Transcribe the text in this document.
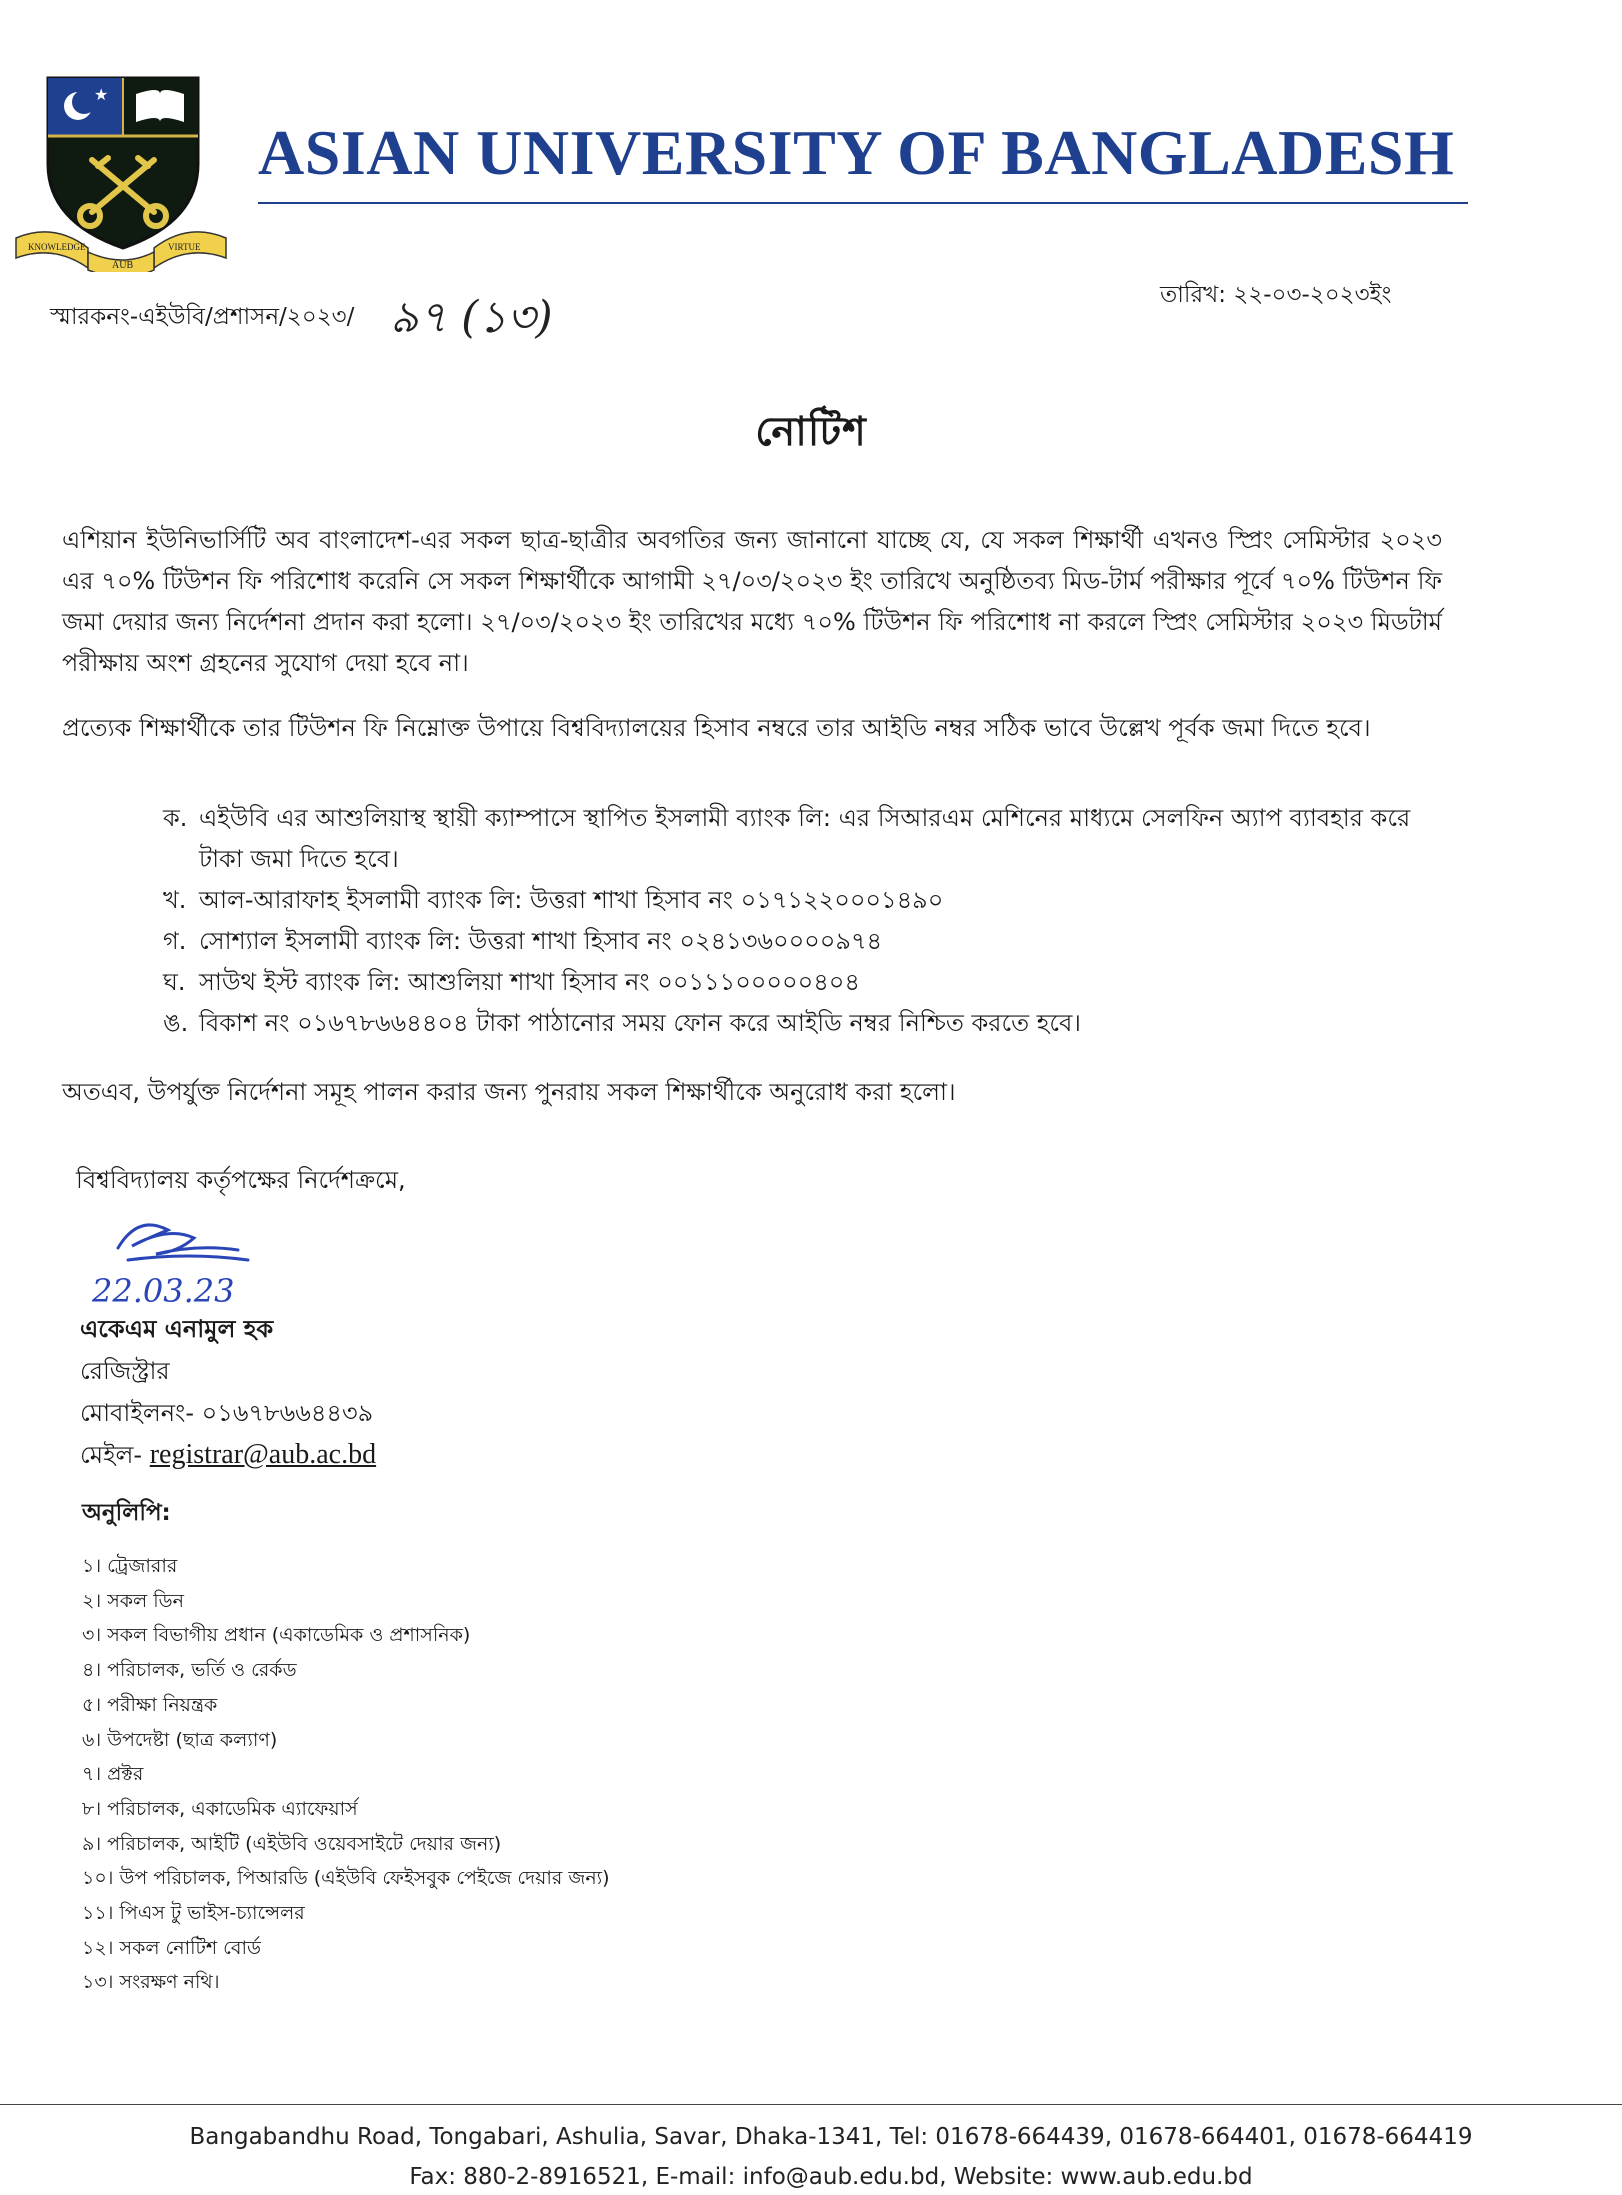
★
KNOWLEDGE	VIRTUE
AUB
ASIAN UNIVERSITY OF BANGLADESH
স্মারকনং-এইউবি/প্রশাসন/২০২৩/ ৯৭ (১৩)	তারিখ: ২২-০৩-২০২৩ইং
নোটিশ
এশিয়ান ইউনিভার্সিটি অব বাংলাদেশ-এর সকল ছাত্র-ছাত্রীর অবগতির জন্য জানানো যাচ্ছে যে, যে সকল শিক্ষার্থী এখনও স্প্রিং সেমিস্টার ২০২৩ এর ৭০% টিউশন ফি পরিশোধ করেনি সে সকল শিক্ষার্থীকে আগামী ২৭/০৩/২০২৩ ইং তারিখে অনুষ্ঠিতব্য মিড-টার্ম পরীক্ষার পূর্বে ৭০% টিউশন ফি জমা দেয়ার জন্য নির্দেশনা প্রদান করা হলো। ২৭/০৩/২০২৩ ইং তারিখের মধ্যে ৭০% টিউশন ফি পরিশোধ না করলে স্প্রিং সেমিস্টার ২০২৩ মিডটার্ম পরীক্ষায় অংশ গ্রহনের সুযোগ দেয়া হবে না।
প্রত্যেক শিক্ষার্থীকে তার টিউশন ফি নিম্নোক্ত উপায়ে বিশ্ববিদ্যালয়ের হিসাব নম্বরে তার আইডি নম্বর সঠিক ভাবে উল্লেখ পূর্বক জমা দিতে হবে।
ক. এইউবি এর আশুলিয়াস্থ স্থায়ী ক্যাম্পাসে স্থাপিত ইসলামী ব্যাংক লি: এর সিআরএম মেশিনের মাধ্যমে সেলফিন অ্যাপ ব্যাবহার করে টাকা জমা দিতে হবে।
খ. আল-আরাফাহ ইসলামী ব্যাংক লি: উত্তরা শাখা হিসাব নং ০১৭১২২০০০১৪৯০
গ. সোশ্যাল ইসলামী ব্যাংক লি: উত্তরা শাখা হিসাব নং ০২৪১৩৬০০০০৯৭৪
ঘ. সাউথ ইস্ট ব্যাংক লি: আশুলিয়া শাখা হিসাব নং ০০১১১০০০০০৪০৪
ঙ. বিকাশ নং ০১৬৭৮৬৬৪৪০৪ টাকা পাঠানোর সময় ফোন করে আইডি নম্বর নিশ্চিত করতে হবে।
অতএব, উপর্যুক্ত নির্দেশনা সমূহ পালন করার জন্য পুনরায় সকল শিক্ষার্থীকে অনুরোধ করা হলো।
বিশ্ববিদ্যালয় কর্তৃপক্ষের নির্দেশক্রমে,
22.03.23
একেএম এনামুল হক
রেজিস্ট্রার
মোবাইলনং- ০১৬৭৮৬৬৪৪৩৯
মেইল- registrar@aub.ac.bd
অনুলিপি:
১। ট্রেজারার
২। সকল ডিন
৩। সকল বিভাগীয় প্রধান (একাডেমিক ও প্রশাসনিক)
৪। পরিচালক, ভর্তি ও রের্কড
৫। পরীক্ষা নিয়ন্ত্রক
৬। উপদেষ্টা (ছাত্র কল্যাণ)
৭। প্রক্টর
৮। পরিচালক, একাডেমিক এ্যাফেয়ার্স
৯। পরিচালক, আইটি (এইউবি ওয়েবসাইটে দেয়ার জন্য)
১০। উপ পরিচালক, পিআরডি (এইউবি ফেইসবুক পেইজে দেয়ার জন্য)
১১। পিএস টু ভাইস-চ্যান্সেলর
১২। সকল নোটিশ বোর্ড
১৩। সংরক্ষণ নথি।
Bangabandhu Road, Tongabari, Ashulia, Savar, Dhaka-1341, Tel: 01678-664439, 01678-664401, 01678-664419
Fax: 880-2-8916521, E-mail: info@aub.edu.bd, Website: www.aub.edu.bd
